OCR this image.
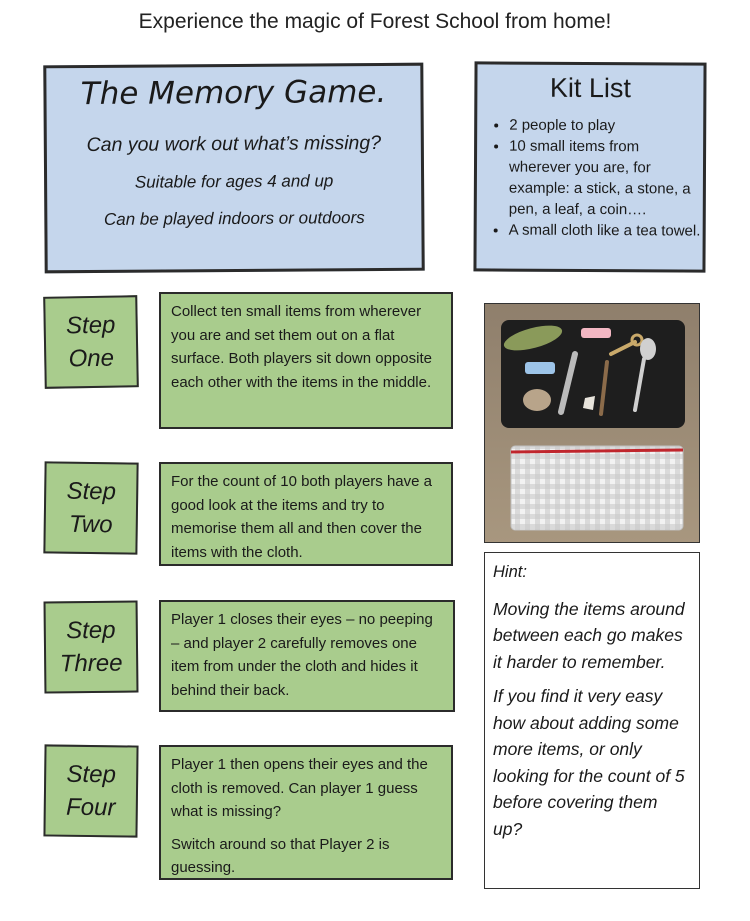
Experience the magic of Forest School from home!
The Memory Game.
Can you work out what’s missing?
Suitable for ages 4 and up
Can be played indoors or outdoors
Kit List
• 2 people to play
• 10 small items from wherever you are, for example: a stick, a stone, a pen, a leaf, a coin….
• A small cloth like a tea towel.
Step
One

Collect ten small items from wherever you are and set them out on a flat surface. Both players sit down opposite each other with the items in the middle.

Step
Two

For the count of 10 both players have a good look at the items and try to memorise them all and then cover the items with the cloth.

Step
Three

Player 1 closes their eyes – no peeping – and player 2 carefully removes one item from under the cloth and hides it behind their back.

Step
Four

Player 1 then opens their eyes and the cloth is removed. Can player 1 guess what is missing?

Switch around so that Player 2 is guessing.

Hint:

Moving the items around between each go makes it harder to remember.

If you find it very easy how about adding some more items, or only looking for the count of 5 before covering them up?
